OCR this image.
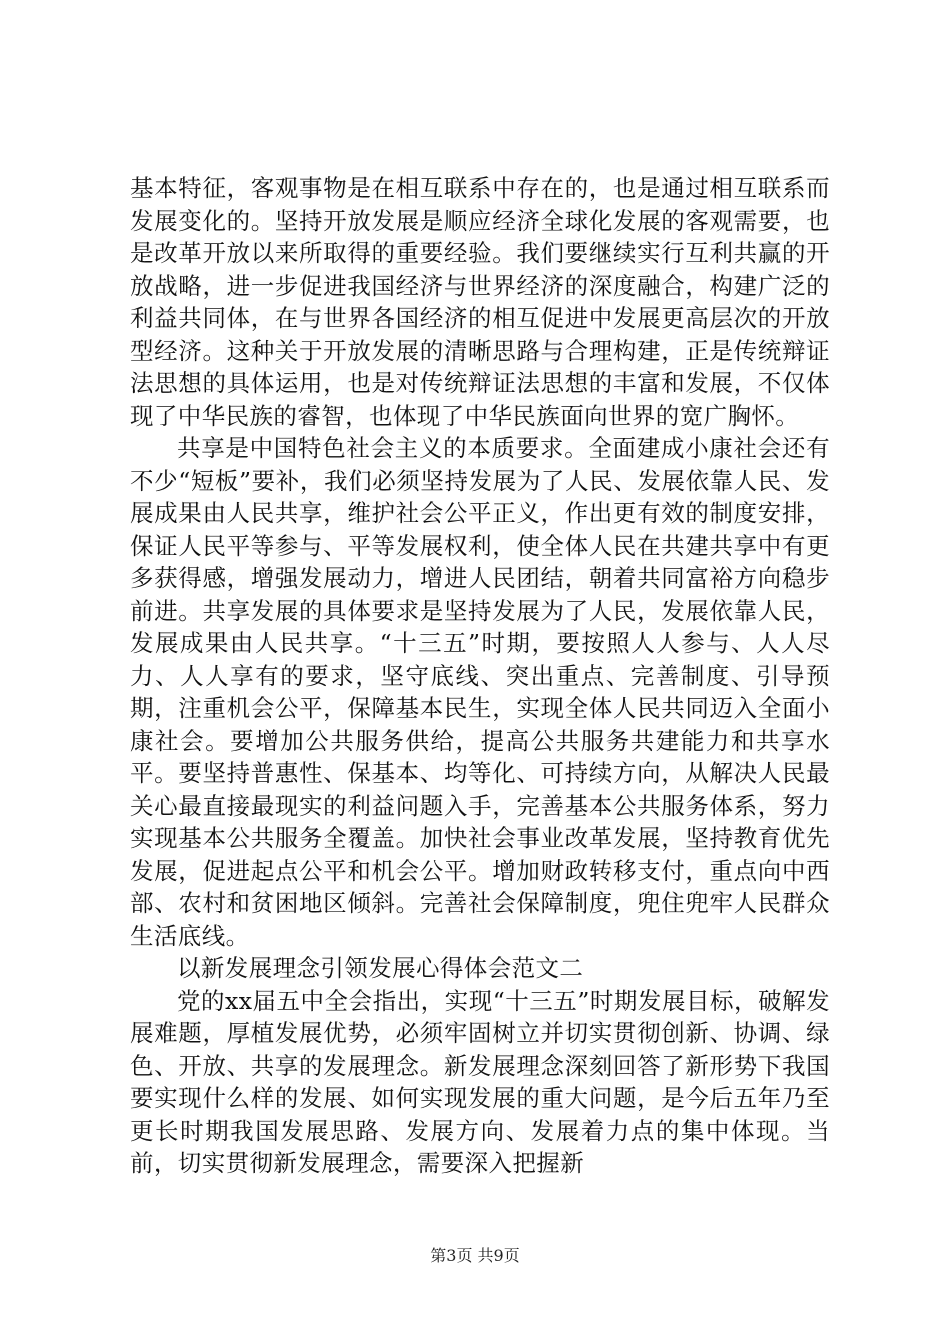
基本特征，客观事物是在相互联系中存在的，也是通过相互联系而发展变化的。坚持开放发展是顺应经济全球化发展的客观需要，也是改革开放以来所取得的重要经验。我们要继续实行互利共赢的开放战略，进一步促进我国经济与世界经济的深度融合，构建广泛的利益共同体，在与世界各国经济的相互促进中发展更高层次的开放型经济。这种关于开放发展的清晰思路与合理构建，正是传统辩证法思想的具体运用，也是对传统辩证法思想的丰富和发展，不仅体现了中华民族的睿智，也体现了中华民族面向世界的宽广胸怀。

共享是中国特色社会主义的本质要求。全面建成小康社会还有不少“短板”要补，我们必须坚持发展为了人民、发展依靠人民、发展成果由人民共享，维护社会公平正义，作出更有效的制度安排，保证人民平等参与、平等发展权利，使全体人民在共建共享中有更多获得感，增强发展动力，增进人民团结，朝着共同富裕方向稳步前进。共享发展的具体要求是坚持发展为了人民，发展依靠人民，发展成果由人民共享。“十三五”时期，要按照人人参与、人人尽力、人人享有的要求，坚守底线、突出重点、完善制度、引导预期，注重机会公平，保障基本民生，实现全体人民共同迈入全面小康社会。要增加公共服务供给，提高公共服务共建能力和共享水平。要坚持普惠性、保基本、均等化、可持续方向，从解决人民最关心最直接最现实的利益问题入手，完善基本公共服务体系，努力实现基本公共服务全覆盖。加快社会事业改革发展，坚持教育优先发展，促进起点公平和机会公平。增加财政转移支付，重点向中西部、农村和贫困地区倾斜。完善社会保障制度，兜住兜牢人民群众生活底线。

以新发展理念引领发展心得体会范文二

党的xx届五中全会指出，实现“十三五”时期发展目标，破解发展难题，厚植发展优势，必须牢固树立并切实贯彻创新、协调、绿色、开放、共享的发展理念。新发展理念深刻回答了新形势下我国要实现什么样的发展、如何实现发展的重大问题，是今后五年乃至更长时期我国发展思路、发展方向、发展着力点的集中体现。当前，切实贯彻新发展理念，需要深入把握新

第3页 共9页
